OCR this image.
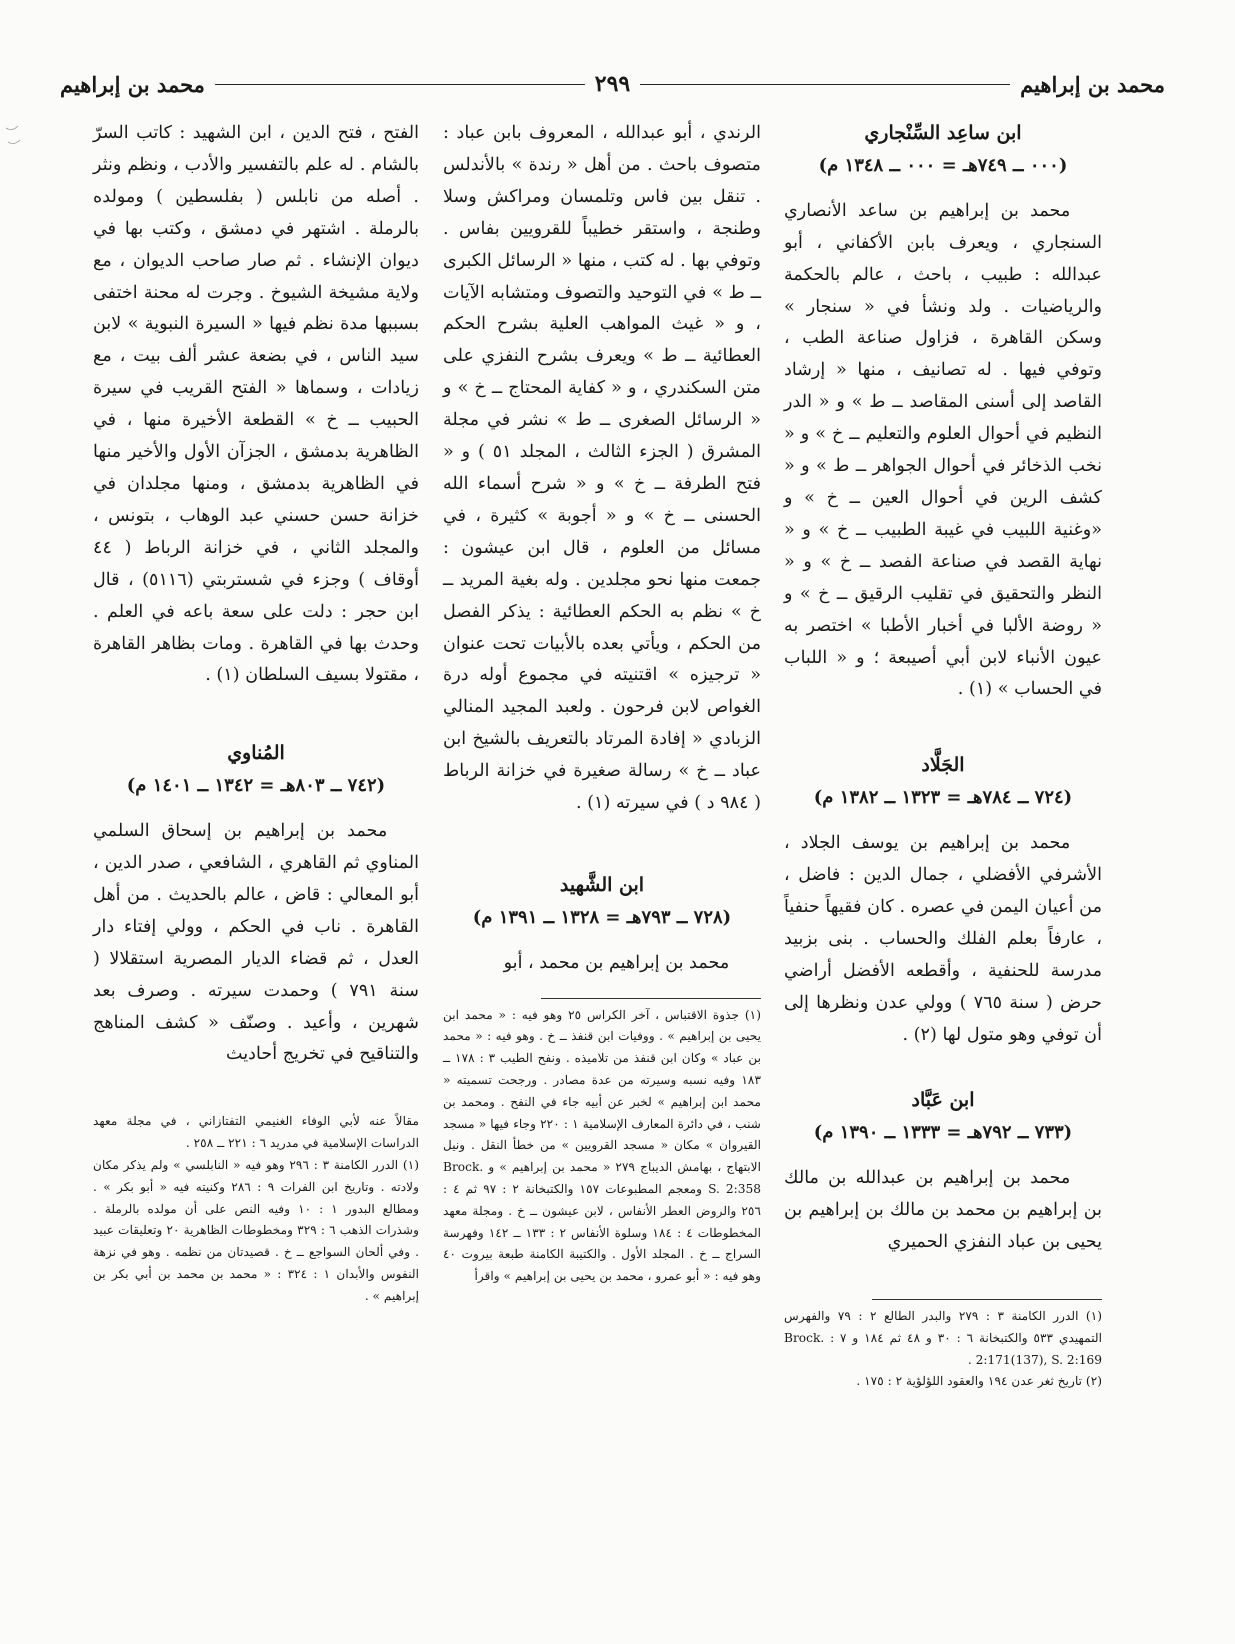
محمد بن إبراهيم
٢٩٩
محمد بن إبراهيم
ابن ساعِد السِّنْجاري
(٠٠٠ ــ ٧٤٩هـ = ٠٠٠ ــ ١٣٤٨ م)

محمد بن إبراهيم بن ساعد الأنصاري السنجاري ، ويعرف بابن الأكفاني ، أبو عبدالله : طبيب ، باحث ، عالم بالحكمة والرياضيات . ولد ونشأ في « سنجار » وسكن القاهرة ، فزاول صناعة الطب ، وتوفي فيها . له تصانيف ، منها « إرشاد القاصد إلى أسنى المقاصد ــ ط » و « الدر النظيم في أحوال العلوم والتعليم ــ خ » و « نخب الذخائر في أحوال الجواهر ــ ط » و « كشف الرين في أحوال العين ــ خ » و «وغنية اللبيب في غيبة الطبيب ــ خ » و « نهاية القصد في صناعة الفصد ــ خ » و « النظر والتحقيق في تقليب الرقيق ــ خ » و « روضة الألبا في أخبار الأطبا » اختصر به عيون الأنباء لابن أبي أصيبعة ؛ و « اللباب في الحساب » (١) .

الجَلَّاد
(٧٢٤ ــ ٧٨٤هـ = ١٣٢٣ ــ ١٣٨٢ م)

محمد بن إبراهيم بن يوسف الجلاد ، الأشرفي الأفضلي ، جمال الدين : فاضل ، من أعيان اليمن في عصره . كان فقيهاً حنفياً ، عارفاً بعلم الفلك والحساب . بنى بزبيد مدرسة للحنفية ، وأقطعه الأفضل أراضي حرض ( سنة ٧٦٥ ) وولي عدن ونظرها إلى أن توفي وهو متول لها (٢) .

ابن عَبَّاد
(٧٣٣ ــ ٧٩٢هـ = ١٣٣٣ ــ ١٣٩٠ م)

محمد بن إبراهيم بن عبدالله بن مالك بن إبراهيم بن محمد بن مالك بن إبراهيم بن يحيى بن عباد النفزي الحميري

(١) الدرر الكامنة ٣ : ٢٧٩ والبدر الطالع ٢ : ٧٩ والفهرس التمهيدي ٥٣٣ والكتبخانة ٦ : ٣٠ و ٤٨ ثم ١٨٤ و ٧ : Brock. 2:171(137), S. 2:169 .

(٢) تاريخ ثغر عدن ١٩٤ والعقود اللؤلؤية ٢ : ١٧٥ .

الرندي ، أبو عبدالله ، المعروف بابن عباد : متصوف باحث . من أهل « رندة » بالأندلس . تنقل بين فاس وتلمسان ومراكش وسلا وطنجة ، واستقر خطيباً للقرويين بفاس . وتوفي بها . له كتب ، منها « الرسائل الكبرى ــ ط » في التوحيد والتصوف ومتشابه الآيات ، و « غيث المواهب العلية بشرح الحكم العطائية ــ ط » ويعرف بشرح النفزي على متن السكندري ، و « كفاية المحتاج ــ خ » و « الرسائل الصغرى ــ ط » نشر في مجلة المشرق ( الجزء الثالث ، المجلد ٥١ ) و « فتح الطرفة ــ خ » و « شرح أسماء الله الحسنى ــ خ » و « أجوبة » كثيرة ، في مسائل من العلوم ، قال ابن عيشون : جمعت منها نحو مجلدين . وله بغية المريد ــ خ » نظم به الحكم العطائية : يذكر الفصل من الحكم ، ويأتي بعده بالأبيات تحت عنوان « ترجيزه » اقتنيته في مجموع أوله درة الغواص لابن فرحون . ولعبد المجيد المنالي الزبادي « إفادة المرتاد بالتعريف بالشيخ ابن عباد ــ خ » رسالة صغيرة في خزانة الرباط ( ٩٨٤ د ) في سيرته (١) .

ابن الشَّهيد
(٧٢٨ ــ ٧٩٣هـ = ١٣٢٨ ــ ١٣٩١ م)

محمد بن إبراهيم بن محمد ، أبو

(١) جذوة الاقتباس ، آخر الكراس ٢٥ وهو فيه : « محمد ابن يحيى بن إبراهيم » . ووفيات ابن قنفذ ــ خ . وهو فيه : « محمد بن عباد » وكان ابن قنفذ من تلاميذه . ونفح الطيب ٣ : ١٧٨ ــ ١٨٣ وفيه نسبه وسيرته من عدة مصادر . ورجحت تسميته « محمد ابن إبراهيم » لخبر عن أبيه جاء في النفح . ومحمد بن شنب ، في دائرة المعارف الإسلامية ١ : ٢٢٠ وجاء فيها « مسجد القيروان » مكان « مسجد القرويين » من خطأ النقل . ونيل الابتهاج ، بهامش الديباج ٢٧٩ « محمد بن إبراهيم » و Brock. S. 2:358 ومعجم المطبوعات ١٥٧ والكتبخانة ٢ : ٩٧ ثم ٤ : ٢٥٦ والروض العطر الأنفاس ، لابن عيشون ــ خ . ومجلة معهد المخطوطات ٤ : ١٨٤ وسلوة الأنفاس ٢ : ١٣٣ ــ ١٤٢ وفهرسة السراج ــ خ . المجلد الأول . والكتيبة الكامنة طبعة بيروت ٤٠ وهو فيه : « أبو عمرو ، محمد بن يحيى بن إبراهيم » واقرأ

الفتح ، فتح الدين ، ابن الشهيد : كاتب السرّ بالشام . له علم بالتفسير والأدب ، ونظم ونثر . أصله من نابلس ( بفلسطين ) ومولده بالرملة . اشتهر في دمشق ، وكتب بها في ديوان الإنشاء . ثم صار صاحب الديوان ، مع ولاية مشيخة الشيوخ . وجرت له محنة اختفى بسببها مدة نظم فيها « السيرة النبوية » لابن سيد الناس ، في بضعة عشر ألف بيت ، مع زيادات ، وسماها « الفتح القريب في سيرة الحبيب ــ خ » القطعة الأخيرة منها ، في الظاهرية بدمشق ، الجزآن الأول والأخير منها في الظاهرية بدمشق ، ومنها مجلدان في خزانة حسن حسني عبد الوهاب ، بتونس ، والمجلد الثاني ، في خزانة الرباط ( ٤٤ أوقاف ) وجزء في شستربتي (٥١١٦) ، قال ابن حجر : دلت على سعة باعه في العلم . وحدث بها في القاهرة . ومات بظاهر القاهرة ، مقتولا بسيف السلطان (١) .

المُناوي
(٧٤٢ ــ ٨٠٣هـ = ١٣٤٢ ــ ١٤٠١ م)

محمد بن إبراهيم بن إسحاق السلمي المناوي ثم القاهري ، الشافعي ، صدر الدين ، أبو المعالي : قاض ، عالم بالحديث . من أهل القاهرة . ناب في الحكم ، وولي إفتاء دار العدل ، ثم قضاء الديار المصرية استقلالا ( سنة ٧٩١ ) وحمدت سيرته . وصرف بعد شهرين ، وأعيد . وصنّف « كشف المناهج والتناقيح في تخريج أحاديث

مقالاً عنه لأبي الوفاء الغنيمي التفتازاني ، في مجلة معهد الدراسات الإسلامية في مدريد ٦ : ٢٢١ ــ ٢٥٨ .

(١) الدرر الكامنة ٣ : ٢٩٦ وهو فيه « النابلسي » ولم يذكر مكان ولادته . وتاريخ ابن الفرات ٩ : ٢٨٦ وكنيته فيه « أبو بكر » . ومطالع البدور ١ : ١٠ وفيه النص على أن مولده بالرملة . وشذرات الذهب ٦ : ٣٢٩ ومخطوطات الظاهرية ٢٠ وتعليقات عبيد . وفي ألحان السواجع ــ خ . قصيدتان من نظمه . وهو في نزهة النفوس والأبدان ١ : ٣٢٤ : « محمد بن محمد بن أبي بكر بن إبراهيم » .
